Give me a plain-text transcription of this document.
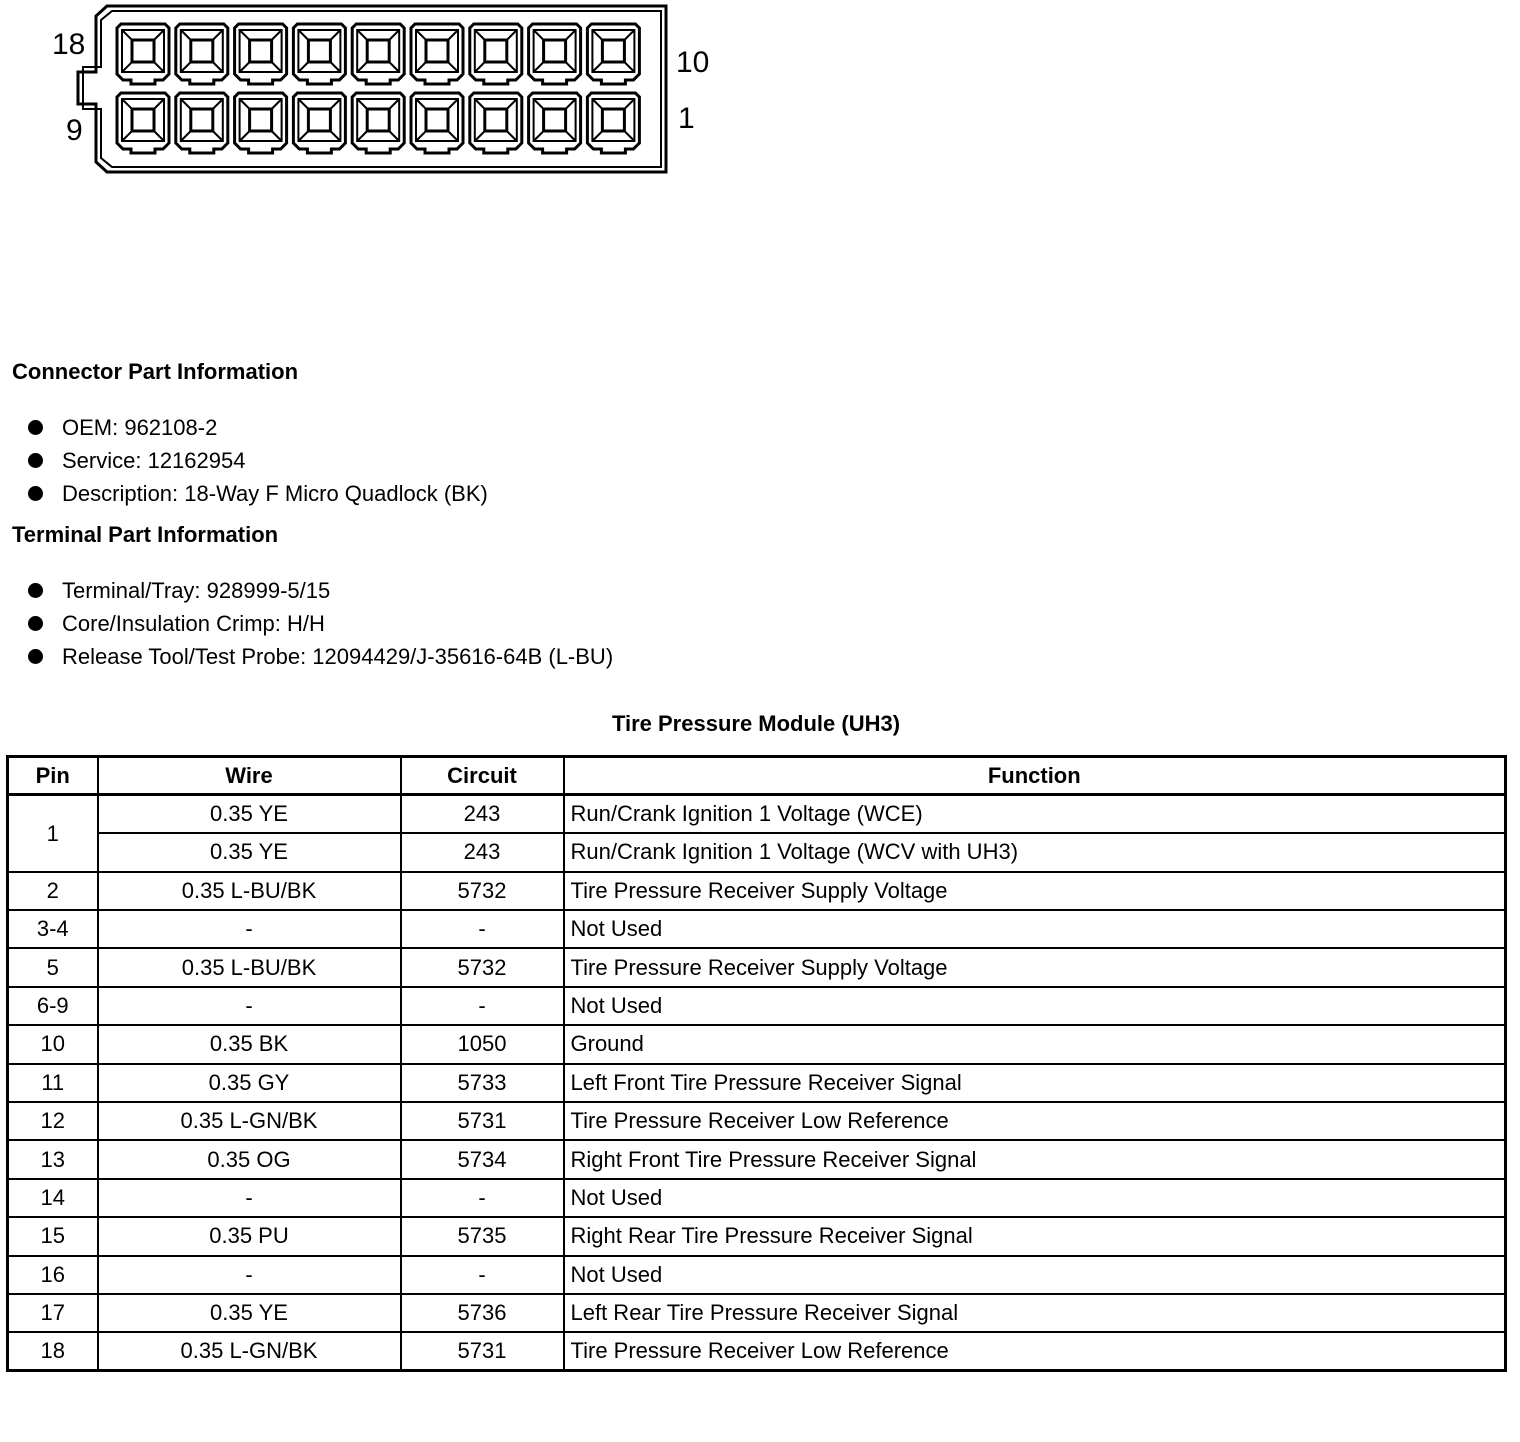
18
9
10
1
Connector Part Information
OEM: 962108-2
Service: 12162954
Description: 18-Way F Micro Quadlock (BK)
Terminal Part Information
Terminal/Tray: 928999-5/15
Core/Insulation Crimp: H/H
Release Tool/Test Probe: 12094429/J-35616-64B (L-BU)
Tire Pressure Module (UH3)
Pin	Wire	Circuit	Function
1	0.35 YE	243	Run/Crank Ignition 1 Voltage (WCE)
	0.35 YE	243	Run/Crank Ignition 1 Voltage (WCV with UH3)
2	0.35 L-BU/BK	5732	Tire Pressure Receiver Supply Voltage
3-4	-	-	Not Used
5	0.35 L-BU/BK	5732	Tire Pressure Receiver Supply Voltage
6-9	-	-	Not Used
10	0.35 BK	1050	Ground
11	0.35 GY	5733	Left Front Tire Pressure Receiver Signal
12	0.35 L-GN/BK	5731	Tire Pressure Receiver Low Reference
13	0.35 OG	5734	Right Front Tire Pressure Receiver Signal
14	-	-	Not Used
15	0.35 PU	5735	Right Rear Tire Pressure Receiver Signal
16	-	-	Not Used
17	0.35 YE	5736	Left Rear Tire Pressure Receiver Signal
18	0.35 L-GN/BK	5731	Tire Pressure Receiver Low Reference
